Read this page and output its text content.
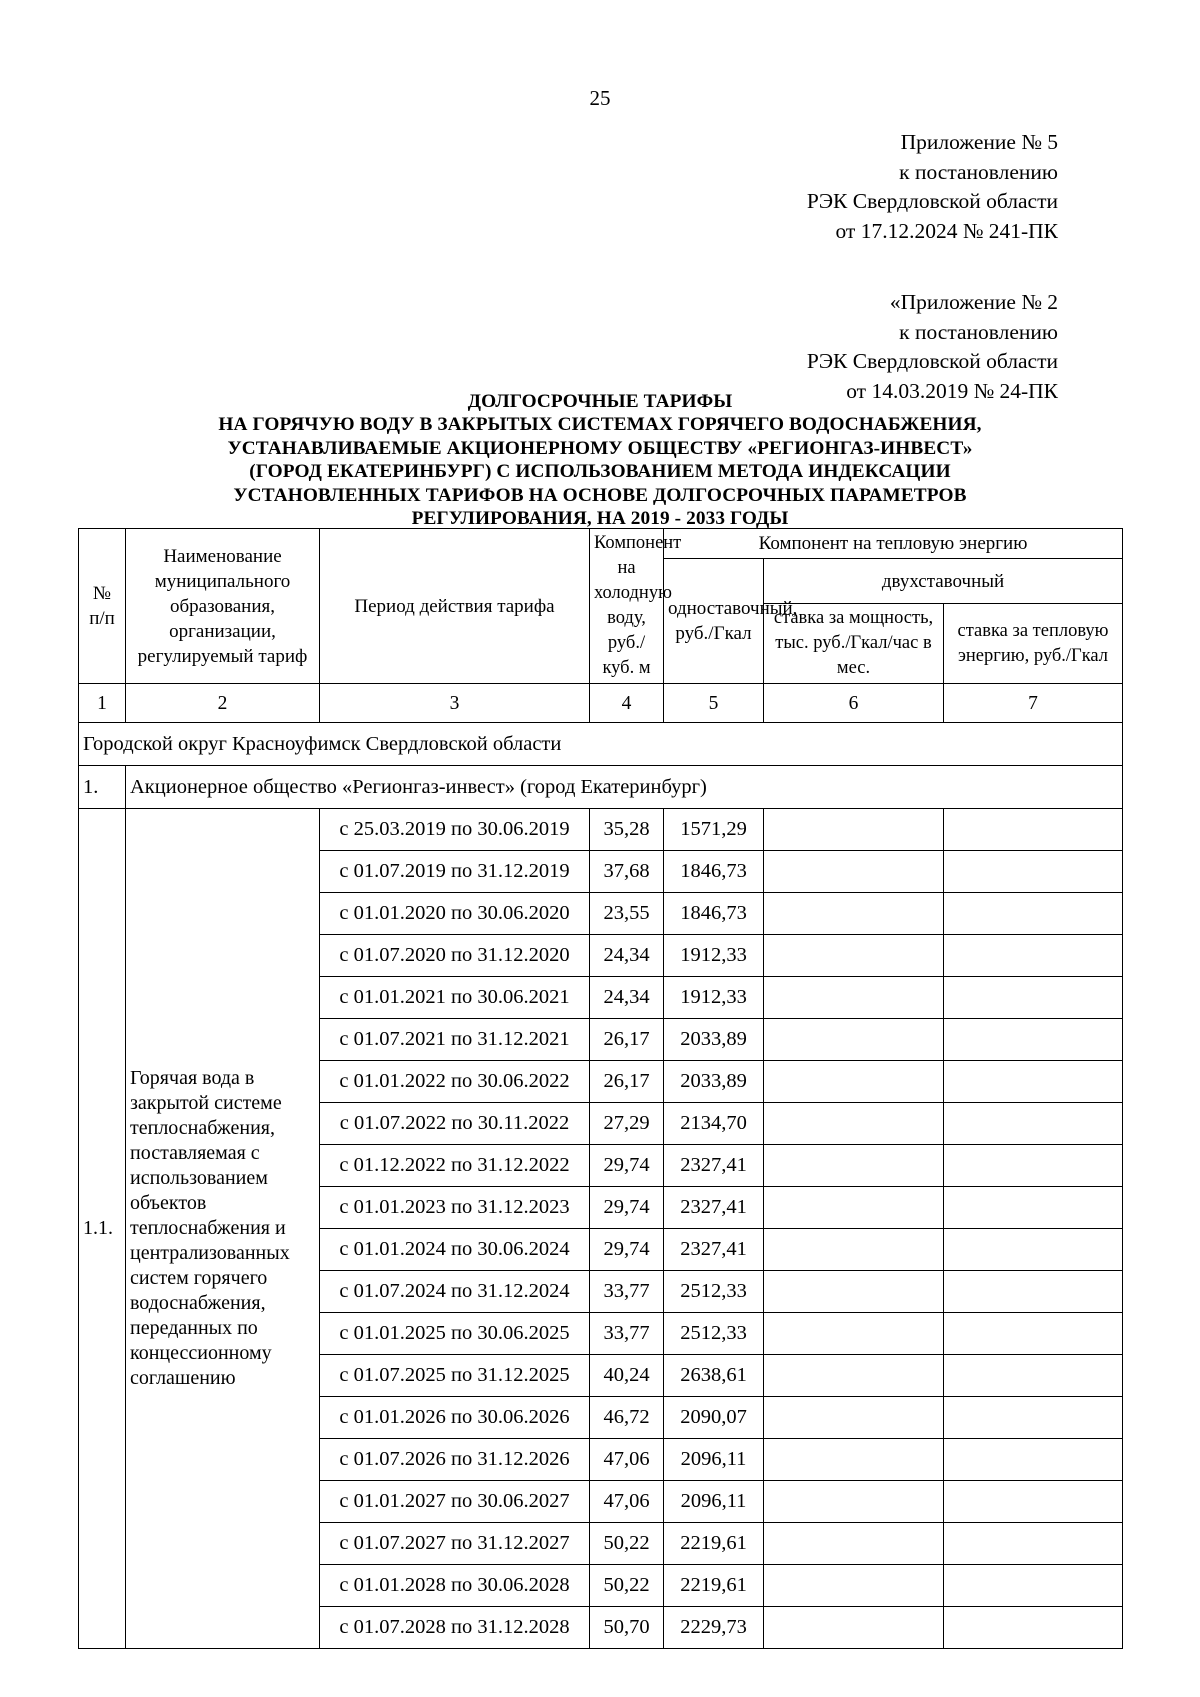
25
Приложение № 5
к постановлению
РЭК Свердловской области
от 17.12.2024 № 241-ПК
«Приложение № 2
к постановлению
РЭК Свердловской области
от 14.03.2019 № 24-ПК
ДОЛГОСРОЧНЫЕ ТАРИФЫ
НА ГОРЯЧУЮ ВОДУ В ЗАКРЫТЫХ СИСТЕМАХ ГОРЯЧЕГО ВОДОСНАБЖЕНИЯ,
УСТАНАВЛИВАЕМЫЕ АКЦИОНЕРНОМУ ОБЩЕСТВУ «РЕГИОНГАЗ-ИНВЕСТ»
(ГОРОД ЕКАТЕРИНБУРГ) С ИСПОЛЬЗОВАНИЕМ МЕТОДА ИНДЕКСАЦИИ
УСТАНОВЛЕННЫХ ТАРИФОВ НА ОСНОВЕ ДОЛГОСРОЧНЫХ ПАРАМЕТРОВ
РЕГУЛИРОВАНИЯ, НА 2019 - 2033 ГОДЫ
№ п/п	Наименование муниципального образования, организации, регулируемый тариф	Период действия тарифа	Компонент на холодную воду, руб./куб. м	Компонент на тепловую энергию		
				одноставочный, руб./Гкал	двухставочный	
					ставка за мощность, тыс. руб./Гкал/час в мес.	ставка за тепловую энергию, руб./Гкал
1	2	3	4	5	6	7
Городской округ Красноуфимск Свердловской области						
1.	Акционерное общество «Регионгаз-инвест» (город Екатеринбург)					
1.1.	Горячая вода в закрытой системе теплоснабжения, поставляемая с использованием объектов теплоснабжения и централизованных систем горячего водоснабжения, переданных по концессионному соглашению	с 25.03.2019 по 30.06.2019	35,28	1571,29		
		с 01.07.2019 по 31.12.2019	37,68	1846,73		
		с 01.01.2020 по 30.06.2020	23,55	1846,73		
		с 01.07.2020 по 31.12.2020	24,34	1912,33		
		с 01.01.2021 по 30.06.2021	24,34	1912,33		
		с 01.07.2021 по 31.12.2021	26,17	2033,89		
		с 01.01.2022 по 30.06.2022	26,17	2033,89		
		с 01.07.2022 по 30.11.2022	27,29	2134,70		
		с 01.12.2022 по 31.12.2022	29,74	2327,41		
		с 01.01.2023 по 31.12.2023	29,74	2327,41		
		с 01.01.2024 по 30.06.2024	29,74	2327,41		
		с 01.07.2024 по 31.12.2024	33,77	2512,33		
		с 01.01.2025 по 30.06.2025	33,77	2512,33		
		с 01.07.2025 по 31.12.2025	40,24	2638,61		
		с 01.01.2026 по 30.06.2026	46,72	2090,07		
		с 01.07.2026 по 31.12.2026	47,06	2096,11		
		с 01.01.2027 по 30.06.2027	47,06	2096,11		
		с 01.07.2027 по 31.12.2027	50,22	2219,61		
		с 01.01.2028 по 30.06.2028	50,22	2219,61		
		с 01.07.2028 по 31.12.2028	50,70	2229,73		
